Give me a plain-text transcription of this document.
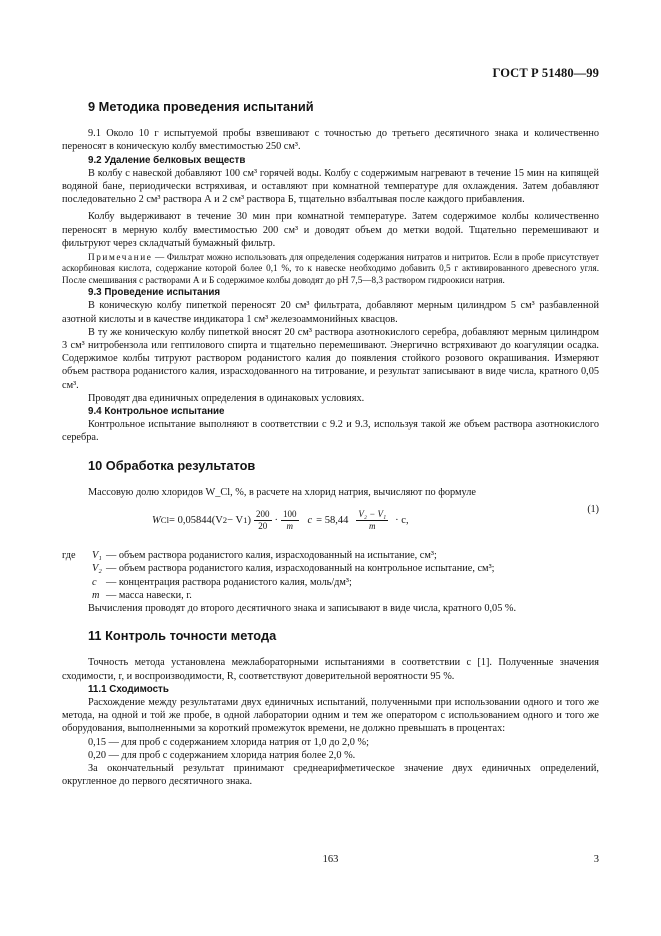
ГОСТ Р 51480—99
9 Методика проведения испытаний

9.1 Около 10 г испытуемой пробы взвешивают с точностью до третьего десятичного знака и количественно переносят в коническую колбу вместимостью 250 см³.

9.2 Удаление белковых веществ

В колбу с навеской добавляют 100 см³ горячей воды. Колбу с содержимым нагревают в течение 15 мин на кипящей водяной бане, периодически встряхивая, и оставляют при комнатной температуре для охлаждения. Затем добавляют последовательно 2 см³ раствора А и 2 см³ раствора Б, тщательно взбалтывая после каждого прибавления.

Колбу выдерживают в течение 30 мин при комнатной температуре. Затем содержимое колбы количественно переносят в мерную колбу вместимостью 200 см³ и доводят объем до метки водой. Тщательно перемешивают и фильтруют через складчатый бумажный фильтр.

Примечание — Фильтрат можно использовать для определения содержания нитратов и нитритов. Если в пробе присутствует аскорбиновая кислота, содержание которой более 0,1 %, то к навеске необходимо добавить 0,5 г активированного древесного угля. После смешивания с растворами А и Б содержимое колбы доводят до рН 7,5—8,3 раствором гидроокиси натрия.
9.3 Проведение испытания

В коническую колбу пипеткой переносят 20 см³ фильтрата, добавляют мерным цилиндром 5 см³ разбавленной азотной кислоты и в качестве индикатора 1 см³ железоаммонийных квасцов.

В ту же коническую колбу пипеткой вносят 20 см³ раствора азотнокислого серебра, добавляют мерным цилиндром 3 см³ нитробензола или гептилового спирта и тщательно перемешивают. Энергично встряхивают до коагуляции осадка. Содержимое колбы титруют раствором роданистого калия до появления стойкого розового окрашивания. Измеряют объем раствора роданистого калия, израсходованного на титрование, и результат записывают в виде числа, кратного 0,05 см³.

Проводят два единичных определения в одинаковых условиях.

9.4 Контрольное испытание

Контрольное испытание выполняют в соответствии с 9.2 и 9.3, используя такой же объем раствора азотнокислого серебра.

10 Обработка результатов

Массовую долю хлоридов W_Cl, %, в расчете на хлорид натрия, вычисляют по формуле

W Cl = 0,05844(V 2 − V 1 ) $\frac{200}{20} \cdot \frac{100}{m}$ $c = 58,44 \frac{\text{V₂ − V₁}}{m} \cdot c$,
(1)
где	V₁ — объем раствора роданистого калия, израсходованный на испытание, см³;
V₂ — объем раствора роданистого калия, израсходованный на контрольное испытание, см³;
c — концентрация раствора роданистого калия, моль/дм³;
m — масса навески, г.

Вычисления проводят до второго десятичного знака и записывают в виде числа, кратного 0,05 %.

11 Контроль точности метода

Точность метода установлена межлабораторными испытаниями в соответствии с [1]. Полученные значения сходимости, r, и воспроизводимости, R, соответствуют доверительной вероятности 95 %.

11.1 Сходимость

Расхождение между результатами двух единичных испытаний, полученными при использовании одного и того же метода, на одной и той же пробе, в одной лаборатории одним и тем же оператором с использованием одного и того же оборудования, выполненными за короткий промежуток времени, не должно превышать в процентах:

0,15 — для проб с содержанием хлорида натрия от 1,0 до 2,0 %;

0,20 — для проб с содержанием хлорида натрия более 2,0 %.

За окончательный результат принимают среднеарифметическое значение двух единичных определений, округленное до первого десятичного знака.

163	3
